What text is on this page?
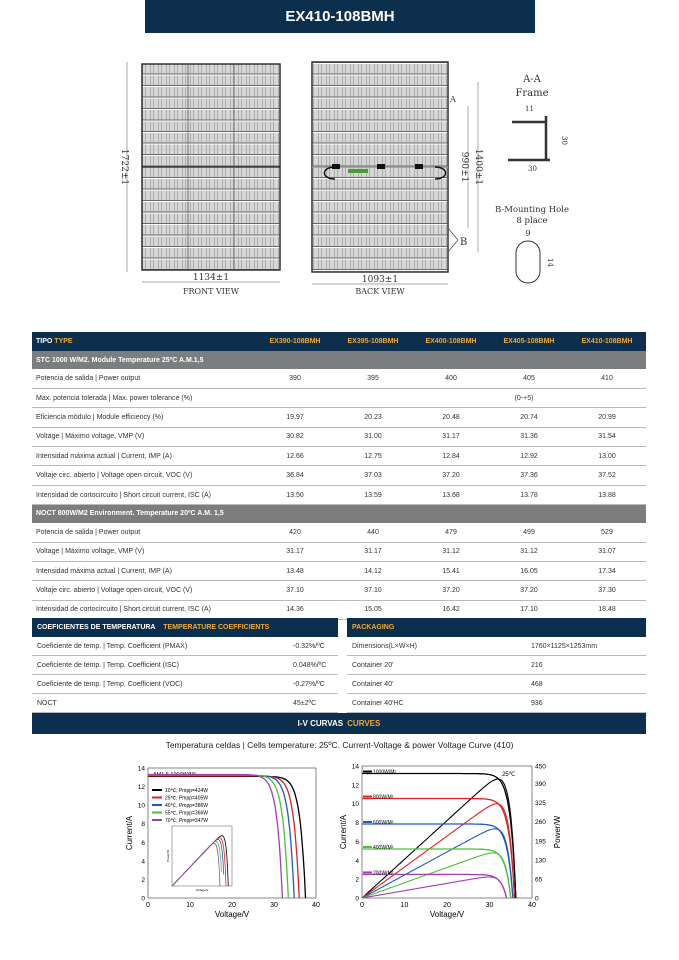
EX410-108BMH
1722±1
1134±1
FRONT VIEW
990±1 1400±1
A
B
1093±1
BACK VIEW
A-A
Frame
11
30
30
B-Mounting Hole
8 place
9
14
TIPO TYPE	EX390-108BMH	EX395-108BMH	EX400-108BMH	EX405-108BMH	EX410-108BMH
STC 1000 W/M2. Module Temperature 25ºC A.M.1,5					
Potencia de salida | Power output	390	395	400	405	410
Max. potencia tolerada | Max. power tolerance (%)	(0-+5)				
Eficiencia módulo | Module efficiency (%)	19.97	20.23	20.48	20.74	20.99
Voltage | Máximo voltage, VMP (V)	30.82	31.00	31.17	31.36	31.54
Intensidad máxima actual | Current, IMP (A)	12.66	12.75	12.84	12.92	13.00
Voltaje circ. abierto | Voltage open circuit, VOC (V)	36.84	37.03	37.20	37.36	37.52
Intensidad de cortocircuito | Short circuit current, ISC (A)	13.50	13.59	13.68	13.78	13.88
NOCT 800W/M2 Environment. Temperature 20ºC A.M. 1,5					
Potencia de salida | Power output	420	440	479	499	529
Voltage | Máximo voltage, VMP (V)	31.17	31.17	31.12	31.12	31.07
Intensidad máxima actual | Current, IMP (A)	13.48	14.12	15.41	16.05	17.34
Voltaje circ. abierto | Voltage open circuit, VOC (V)	37.10	37.10	37.20	37.20	37.30
Intensidad de cortocircuito | Short circuit current, ISC (A)	14.36	15.05	16.42	17.10	18.48
COEFICIENTES DE TEMPERATURA
TEMPERATURE COEFFICIENTS
Coeficiente de temp. | Temp. Coefficient (PMAX)	-0.32%/ºC
Coeficiente de temp. | Temp. Coefficient (ISC)	0.048%/ºC
Coeficiente de temp. | Temp. Coefficient (VOC)	-0.27%/ºC
NOCT	45±2ºC
PACKAGING
Dimensions(L×W×H)	1760×1125×1253mm
Container 20'	216
Container 40'	468
Container 40'HC	936
I-V CURVAS CURVES
Temperatura celdas | Cells temperature: 25ºC. Current-Voltage & power Voltage Curve (410)
0	10	20	30	40
0
2
4
6
8
10
12
14
Voltage/V
Current/A
AM1.5,1000W/M²
10℃, Pmpp=424W
25℃, Pmpp=405W
40℃, Pmpp=386W
55℃, Pmpp=366W
70℃, Pmpp=347W
Voltage/V
Power/W
0	10	20	30	40
0
2
4
6
8
10
12
14
Voltage/V
Current/A
0
65
130
195
260
325
390
450
Power/W
25℃
1000W/M²
800W/M²
600W/M²
400W/M²
200W/M²
